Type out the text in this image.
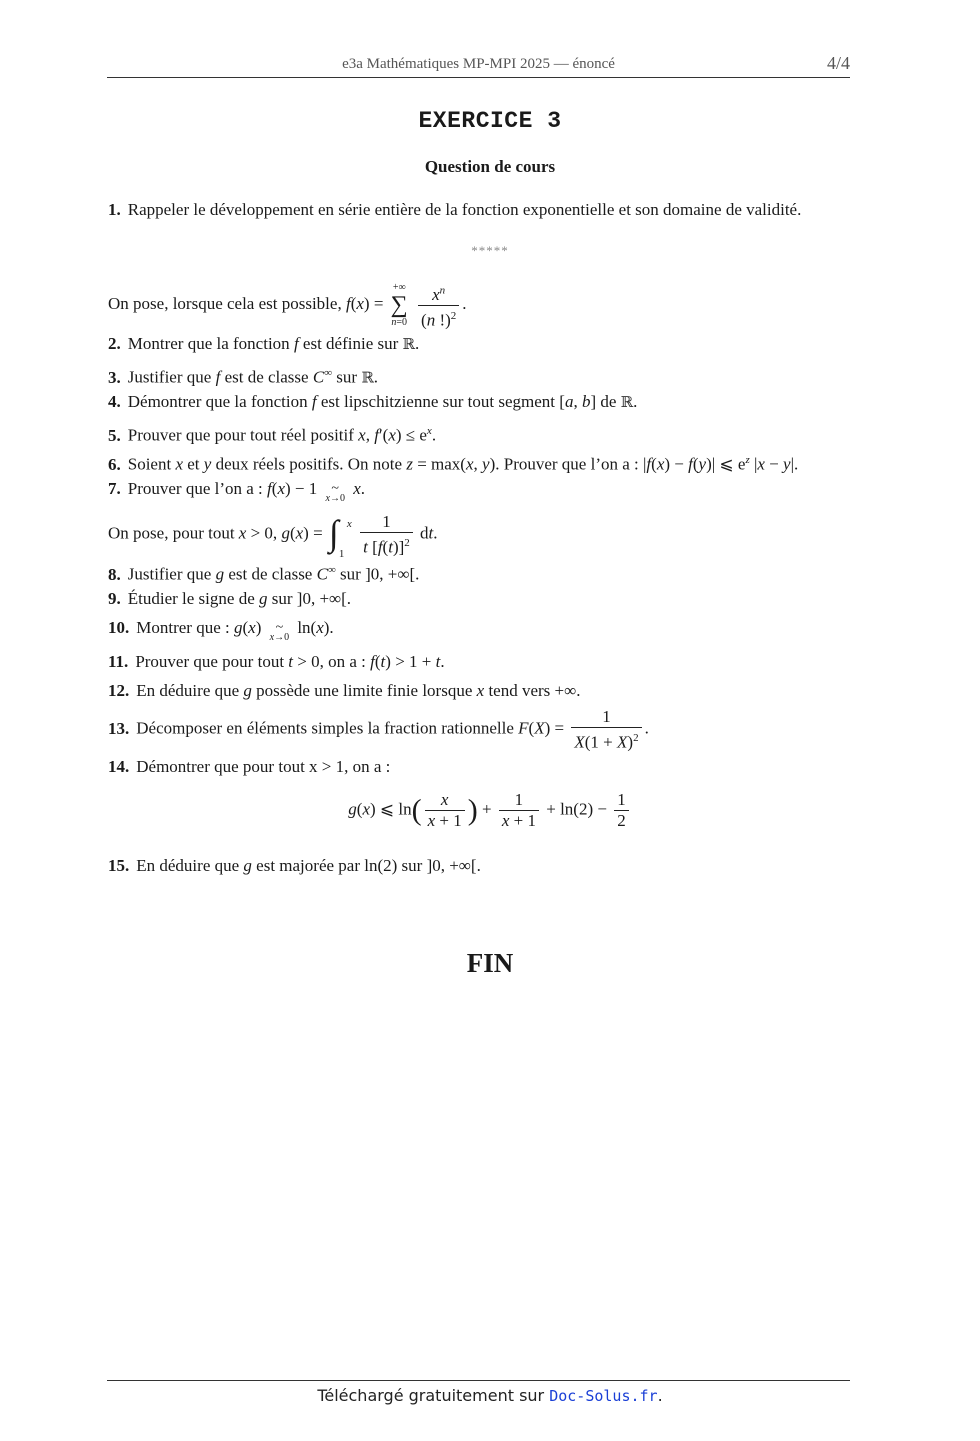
e3a Mathématiques MP-MPI 2025 — énoncé	4/4
EXERCICE 3
Question de cours
1. Rappeler le développement en série entière de la fonction exponentielle et son domaine de validité.
*****
On pose, lorsque cela est possible, f(x) =
+∞
∑
n=0
$\frac{x^n}{(n !)^2}$ .
2. Montrer que la fonction f est définie sur ℝ.
3. Justifier que f est de classe C∞ sur ℝ.
4. Démontrer que la fonction f est lipschitzienne sur tout segment [a, b] de ℝ.
5. Prouver que pour tout réel positif x, $f'(x) \le e^x$.
6. Soient x et y deux réels positifs. On note z = max(x, y). Prouver que l’on a : |f(x) − f(y)| ⩽ $e^z$ |x − y|.
7. Prouver que l’on a : f(x) − 1 ~
x→0
x.
On pose, pour tout x > 0, g(x) = ∫ x
1
$\frac{1}{t [f(t)]^2}$ dt.
8. Justifier que g est de classe C∞ sur ]0, +∞[.
9. Étudier le signe de g sur ]0, +∞[.
10. Montrer que : g(x) ~
x→0
ln(x).
11. Prouver que pour tout t > 0, on a : f(t) > 1 + t.
12. En déduire que g possède une limite finie lorsque x tend vers +∞.
13. Décomposer en éléments simples la fraction rationnelle $F(X) = \frac{1}{X(1 + X)^2}$ .
14. Démontrer que pour tout x > 1, on a :
g(x) ⩽ $\ln( \frac{x}{x + 1}$ ) + $\frac{1}{x + 1} + \ln(2) - \frac{1}{2}$
15. En déduire que g est majorée par ln(2) sur ]0, +∞[.
FIN
Téléchargé gratuitement sur Doc-Solus.fr.
